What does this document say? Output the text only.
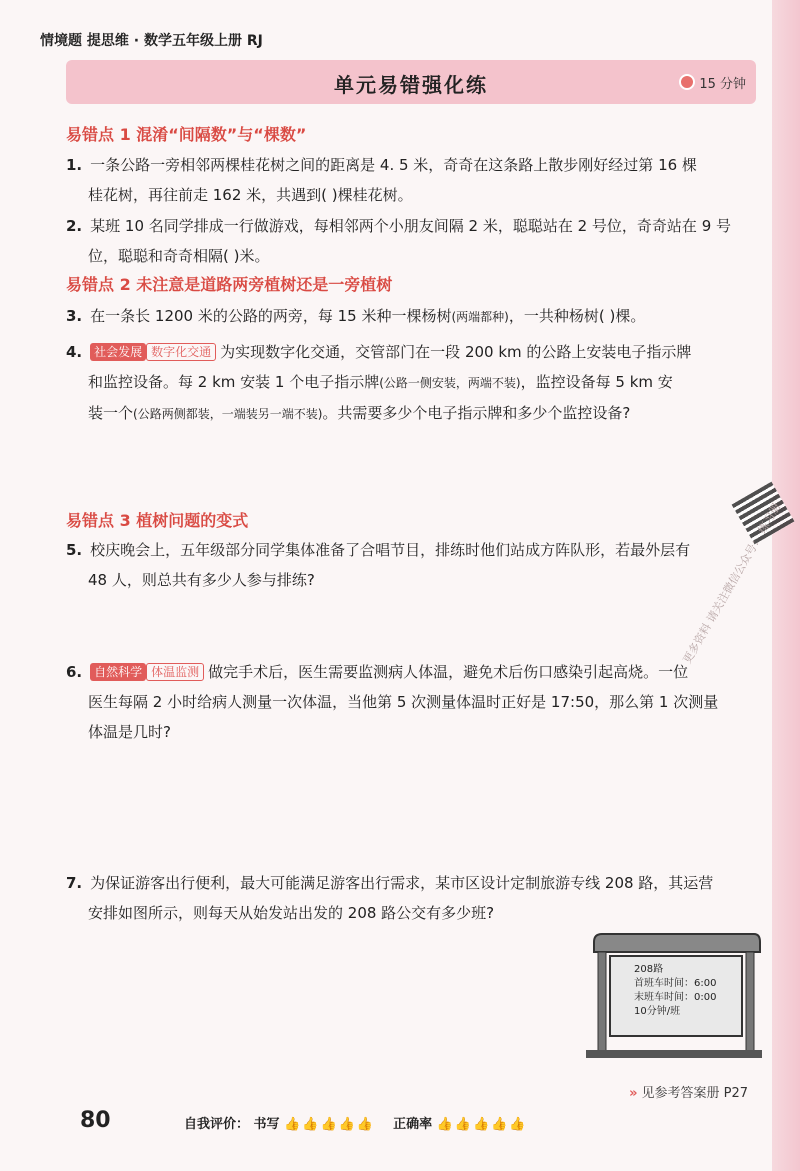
情境题 提思维 · 数学五年级上册 RJ
单元易错强化练	15 分钟
易错点 1 混淆“间隔数”与“棵数”
1. 一条公路一旁相邻两棵桂花树之间的距离是 4. 5 米，奇奇在这条路上散步刚好经过第 16 棵
桂花树，再往前走 162 米，共遇到( )棵桂花树。
2. 某班 10 名同学排成一行做游戏，每相邻两个小朋友间隔 2 米，聪聪站在 2 号位，奇奇站在 9 号
位，聪聪和奇奇相隔( )米。
易错点 2 未注意是道路两旁植树还是一旁植树
3. 在一条长 1200 米的公路的两旁，每 15 米种一棵杨树(两端都种)，一共种杨树( )棵。
4. 社会发展 数字化交通 为实现数字化交通，交管部门在一段 200 km 的公路上安装电子指示牌
和监控设备。每 2 km 安装 1 个电子指示牌(公路一侧安装，两端不装)，监控设备每 5 km 安
装一个(公路两侧都装，一端装另一端不装)。共需要多少个电子指示牌和多少个监控设备?
易错点 3 植树问题的变式
5. 校庆晚会上，五年级部分同学集体准备了合唱节目，排练时他们站成方阵队形，若最外层有
48 人，则总共有多少人参与排练?
更多资料 请关注微信公众号： 练习册
6. 自然科学 体温监测 做完手术后，医生需要监测病人体温，避免术后伤口感染引起高烧。一位
医生每隔 2 小时给病人测量一次体温，当他第 5 次测量体温时正好是 17:50，那么第 1 次测量
体温是几时?
7. 为保证游客出行便利，最大可能满足游客出行需求，某市区设计定制旅游专线 208 路，其运营
安排如图所示，则每天从始发站出发的 208 路公交有多少班?
208路
首班车时间：6:00
末班车时间：0:00
10分钟/班
» 见参考答案册 P27
80	自我评价： 书写 👍👍👍👍👍 正确率 👍👍👍👍👍
